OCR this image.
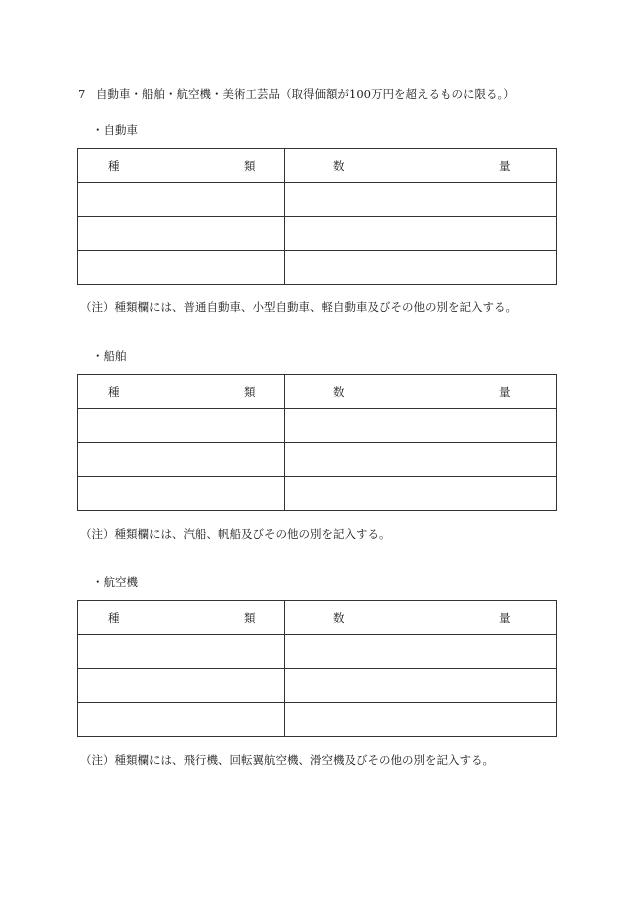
7 自動車・船舶・航空機・美術工芸品（取得価額が100万円を超えるものに限る。）
・自動車
種 類	数 量

（注）種類欄には、普通自動車、小型自動車、軽自動車及びその他の別を記入する。
・船舶
種 類	数 量

（注）種類欄には、汽船、帆船及びその他の別を記入する。
・航空機
種 類	数 量

（注）種類欄には、飛行機、回転翼航空機、滑空機及びその他の別を記入する。
